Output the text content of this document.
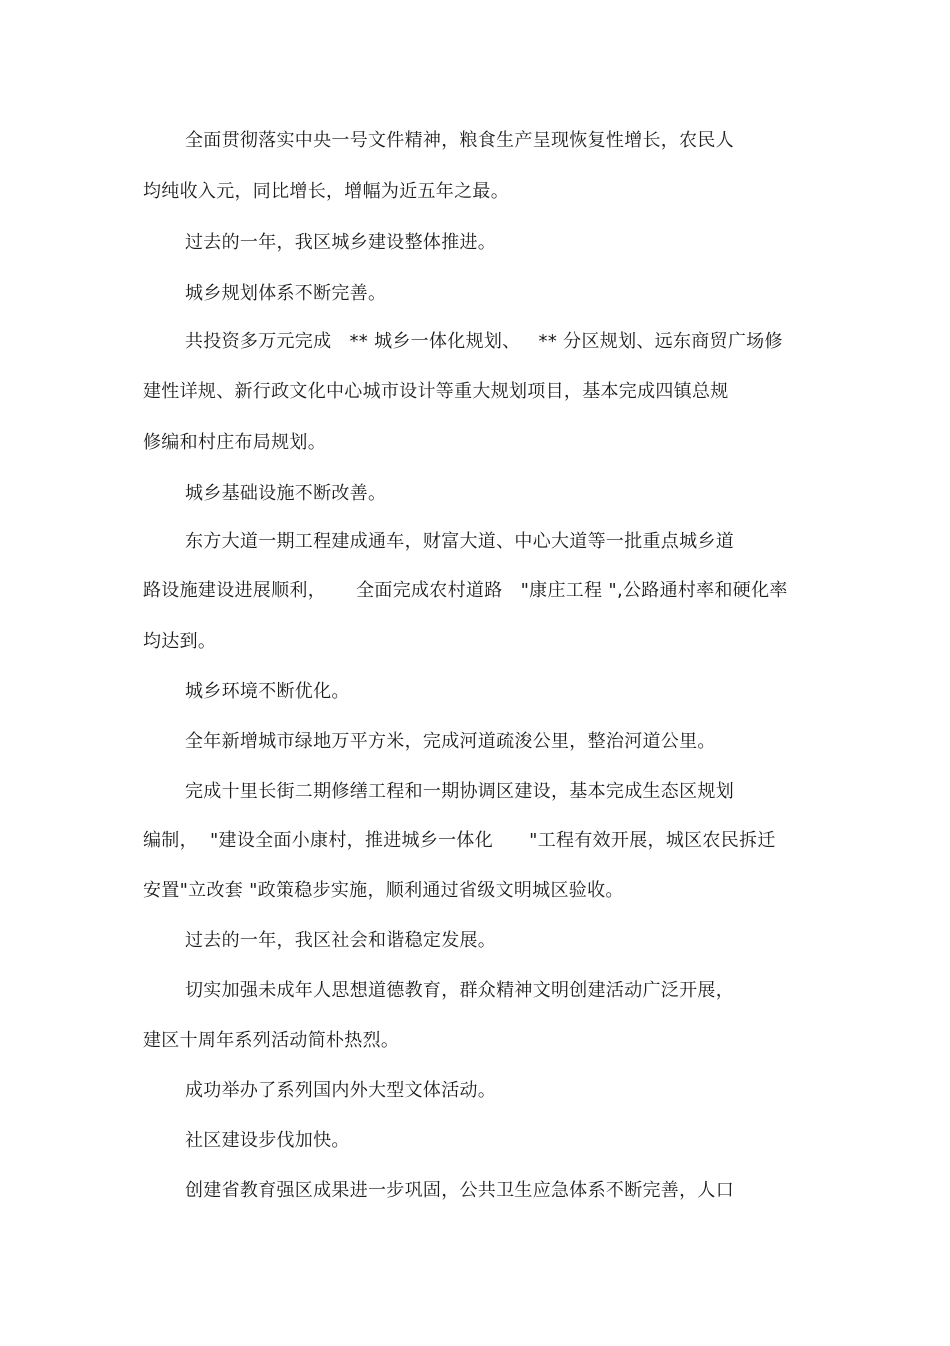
全面贯彻落实中央一号文件精神，粮食生产呈现恢复性增长，农民人
均纯收入元，同比增长，增幅为近五年之最。
过去的一年，我区城乡建设整体推进。
城乡规划体系不断完善。
共投资多万元完成   ** 城乡一体化规划、   ** 分区规划、远东商贸广场修
建性详规、新行政文化中心城市设计等重大规划项目，基本完成四镇总规
修编和村庄布局规划。
城乡基础设施不断改善。
东方大道一期工程建成通车，财富大道、中心大道等一批重点城乡道
路设施建设进展顺利，     全面完成农村道路   "康庄工程 ",公路通村率和硬化率
均达到。
城乡环境不断优化。
全年新增城市绿地万平方米，完成河道疏浚公里，整治河道公里。
完成十里长街二期修缮工程和一期协调区建设，基本完成生态区规划
编制，  "建设全面小康村，推进城乡一体化      "工程有效开展，城区农民拆迁
安置"立改套 "政策稳步实施，顺利通过省级文明城区验收。
过去的一年，我区社会和谐稳定发展。
切实加强未成年人思想道德教育，群众精神文明创建活动广泛开展，
建区十周年系列活动简朴热烈。
成功举办了系列国内外大型文体活动。
社区建设步伐加快。
创建省教育强区成果进一步巩固，公共卫生应急体系不断完善，人口
